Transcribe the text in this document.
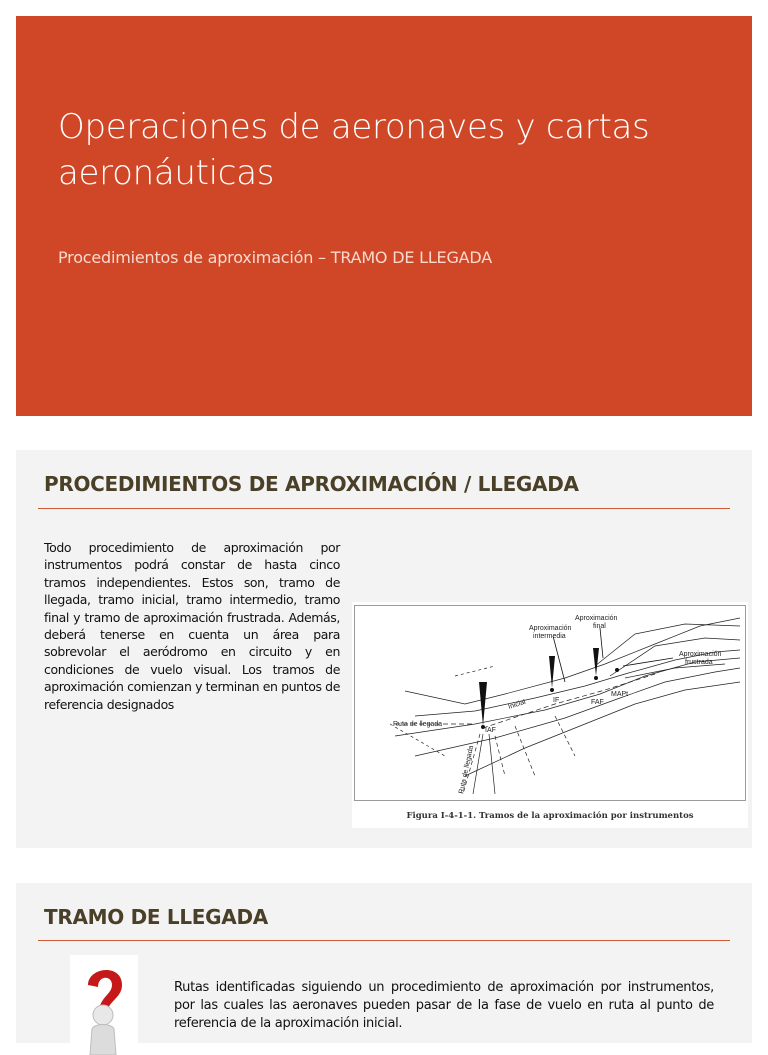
Operaciones de aeronaves y cartas aeronáuticas
Procedimientos de aproximación – TRAMO DE LLEGADA
PROCEDIMIENTOS DE APROXIMACIÓN / LLEGADA
Todo procedimiento de aproximación por instrumentos podrá constar de hasta cinco tramos independientes. Estos son, tramo de llegada, tramo inicial, tramo intermedio, tramo final y tramo de aproximación frustrada. Además, deberá tenerse en cuenta un área para sobrevolar el aeródromo en circuito y en condiciones de vuelo visual. Los tramos de aproximación comienzan y terminan en puntos de referencia designados
Ruta de llegada
Ruta de llegada
IAF
IF	FAF
MAPt
Inicial
Aproximación
intermedia
Aproximación
final
Aproximación
frustrada
Figura I-4-1-1. Tramos de la aproximación por instrumentos
TRAMO DE LLEGADA
Rutas identificadas siguiendo un procedimiento de aproximación por instrumentos, por las cuales las aeronaves pueden pasar de la fase de vuelo en ruta al punto de referencia de la aproximación inicial.
